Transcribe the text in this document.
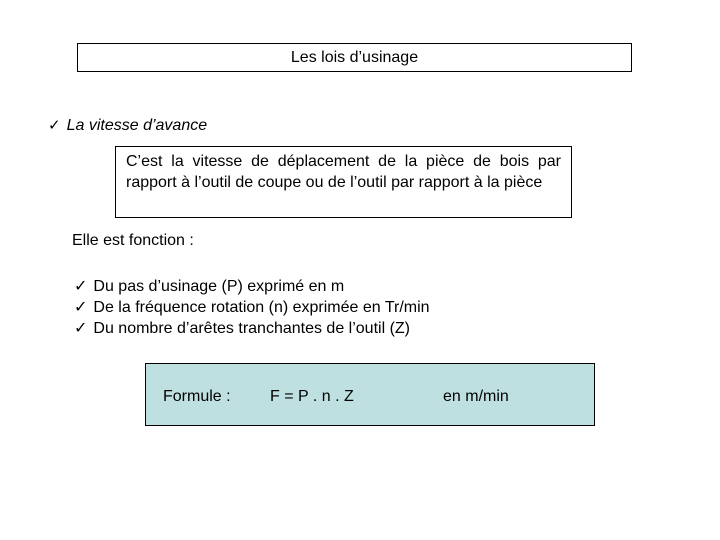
Les lois d’usinage
✓ La vitesse d’avance
C’est la vitesse de déplacement de la pièce de bois par rapport à l’outil de coupe ou de l’outil par rapport à la pièce
Elle est fonction :
✓ Du pas d’usinage (P) exprimé en m
✓ De la fréquence rotation (n) exprimée en Tr/min
✓ Du nombre d’arêtes tranchantes de l’outil (Z)
Formule : F = P . n . Z	en m/min
